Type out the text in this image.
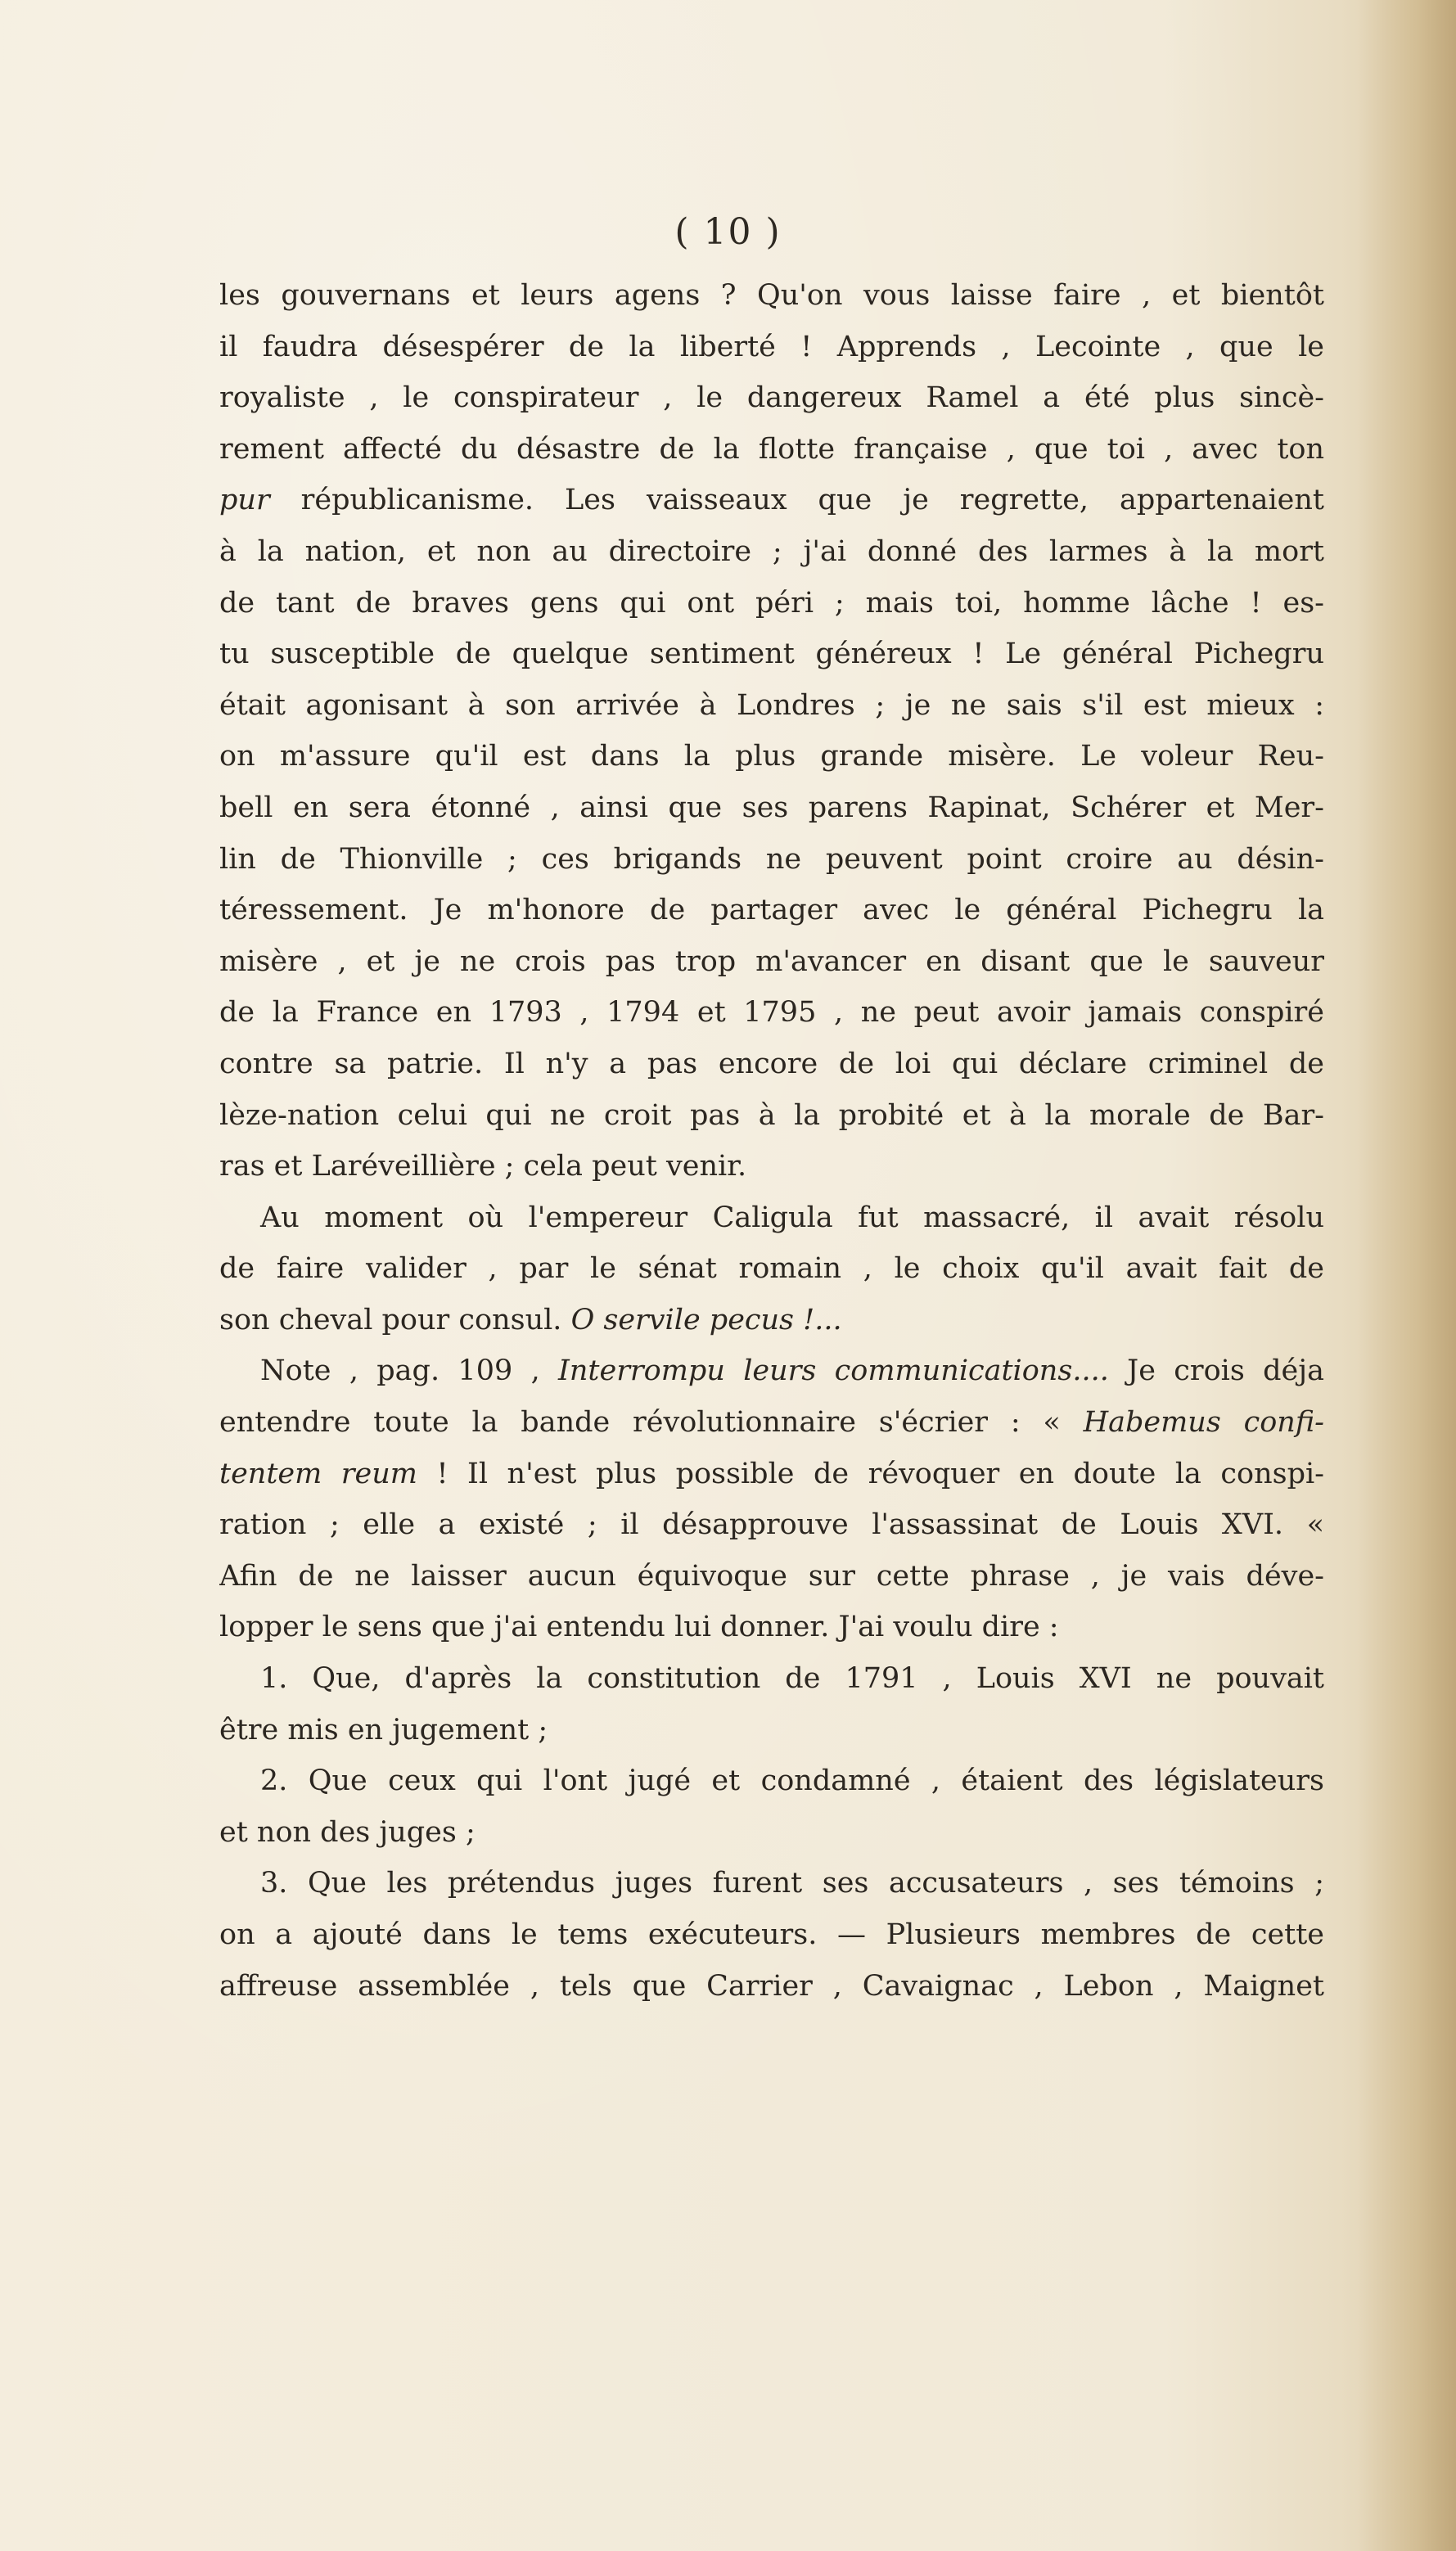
( 10 )
les gouvernans et leurs agens ? Qu'on vous laisse faire , et bientôt
il faudra désespérer de la liberté ! Apprends , Lecointe , que le
royaliste , le conspirateur , le dangereux Ramel a été plus sincè-
rement affecté du désastre de la flotte française , que toi , avec ton
pur républicanisme. Les vaisseaux que je regrette, appartenaient
à la nation, et non au directoire ; j'ai donné des larmes à la mort
de tant de braves gens qui ont péri ; mais toi, homme lâche ! es-
tu susceptible de quelque sentiment généreux ! Le général Pichegru
était agonisant à son arrivée à Londres ; je ne sais s'il est mieux :
on m'assure qu'il est dans la plus grande misère. Le voleur Reu-
bell en sera étonné , ainsi que ses parens Rapinat, Schérer et Mer-
lin de Thionville ; ces brigands ne peuvent point croire au désin-
téressement. Je m'honore de partager avec le général Pichegru la
misère , et je ne crois pas trop m'avancer en disant que le sauveur
de la France en 1793 , 1794 et 1795 , ne peut avoir jamais conspiré
contre sa patrie. Il n'y a pas encore de loi qui déclare criminel de
lèze-nation celui qui ne croit pas à la probité et à la morale de Bar-
ras et Laréveillière ; cela peut venir.
Au moment où l'empereur Caligula fut massacré, il avait résolu
de faire valider , par le sénat romain , le choix qu'il avait fait de
son cheval pour consul. O servile pecus !...
Note , pag. 109 , Interrompu leurs communications.... Je crois déja
entendre toute la bande révolutionnaire s'écrier : « Habemus confi-
tentem reum ! Il n'est plus possible de révoquer en doute la conspi-
ration ; elle a existé ; il désapprouve l'assassinat de Louis XVI. «
Afin de ne laisser aucun équivoque sur cette phrase , je vais déve-
lopper le sens que j'ai entendu lui donner. J'ai voulu dire :
1. Que, d'après la constitution de 1791 , Louis XVI ne pouvait
être mis en jugement ;
2. Que ceux qui l'ont jugé et condamné , étaient des législateurs
et non des juges ;
3. Que les prétendus juges furent ses accusateurs , ses témoins ;
on a ajouté dans le tems exécuteurs. — Plusieurs membres de cette
affreuse assemblée , tels que Carrier , Cavaignac , Lebon , Maignet
